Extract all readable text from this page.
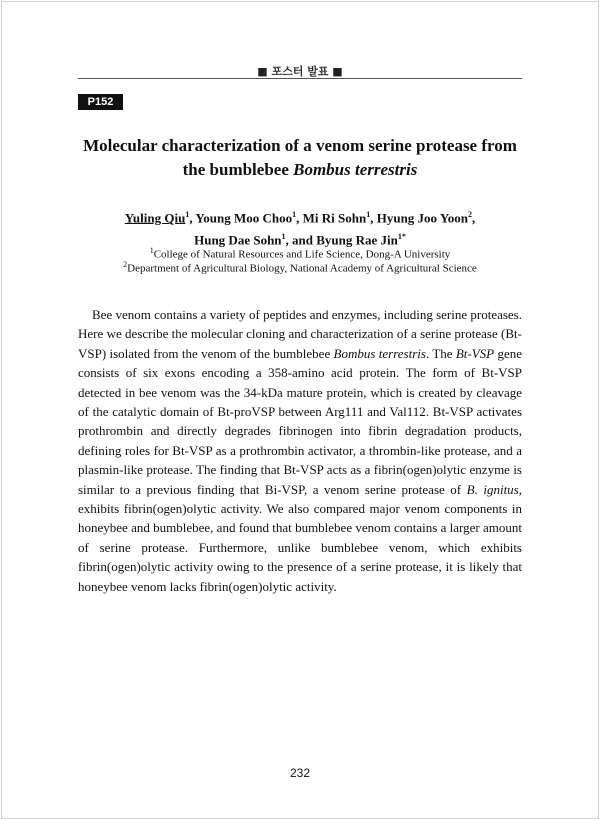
■ 포스터 발표 ■
P152
Molecular characterization of a venom serine protease from the bumblebee Bombus terrestris
Yuling Qiu$^1$, Young Moo Choo$^1$, Mi Ri Sohn$^1$, Hyung Joo Yoon$^2$,
Hung Dae Sohn$^1$, and Byung Rae Jin$^{1*}$
$^1$College of Natural Resources and Life Science, Dong-A University
$^2$Department of Agricultural Biology, National Academy of Agricultural Science

Bee venom contains a variety of peptides and enzymes, including serine proteases. Here we describe the molecular cloning and characterization of a serine protease (Bt-VSP) isolated from the venom of the bumblebee Bombus terrestris. The Bt-VSP gene consists of six exons encoding a 358-amino acid protein. The form of Bt-VSP detected in bee venom was the 34-kDa mature protein, which is created by cleavage of the catalytic domain of Bt-proVSP between Arg111 and Val112. Bt-VSP activates prothrombin and directly degrades fibrinogen into fibrin degradation products, defining roles for Bt-VSP as a prothrombin activator, a thrombin-like protease, and a plasmin-like protease. The finding that Bt-VSP acts as a fibrin(ogen)olytic enzyme is similar to a previous finding that Bi-VSP, a venom serine protease of B. ignitus, exhibits fibrin(ogen)olytic activity. We also compared major venom components in honeybee and bumblebee, and found that bumblebee venom contains a larger amount of serine protease. Furthermore, unlike bumblebee venom, which exhibits fibrin(ogen)olytic activity owing to the presence of a serine protease, it is likely that honeybee venom lacks fibrin(ogen)olytic activity.

232
